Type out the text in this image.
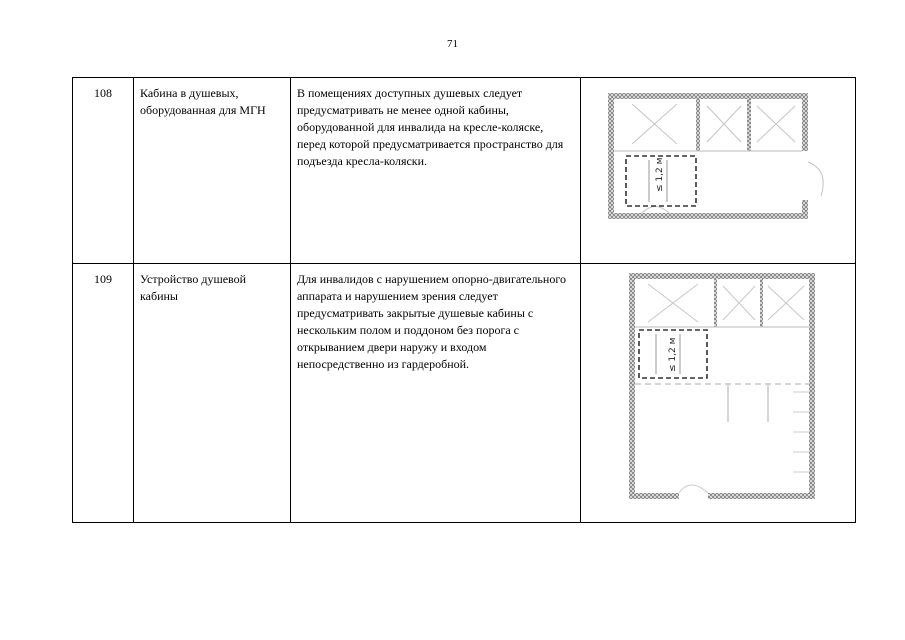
71
108	Кабина в душевых, оборудованная для МГН	В помещениях доступных душевых следует предусматривать не менее одной кабины, оборудованной для инвалида на кресле-коляске, перед которой предусматривается пространство для подъезда кресла-коляски.	≤ 1,2 м

109	Устройство душевой кабины	Для инвалидов с нарушением опорно-двигательного аппарата и нарушением зрения следует предусматривать закрытые душевые кабины с нескольким полом и поддоном без порога с открыванием двери наружу и входом непосредственно из гардеробной.	≤ 1,2 м
